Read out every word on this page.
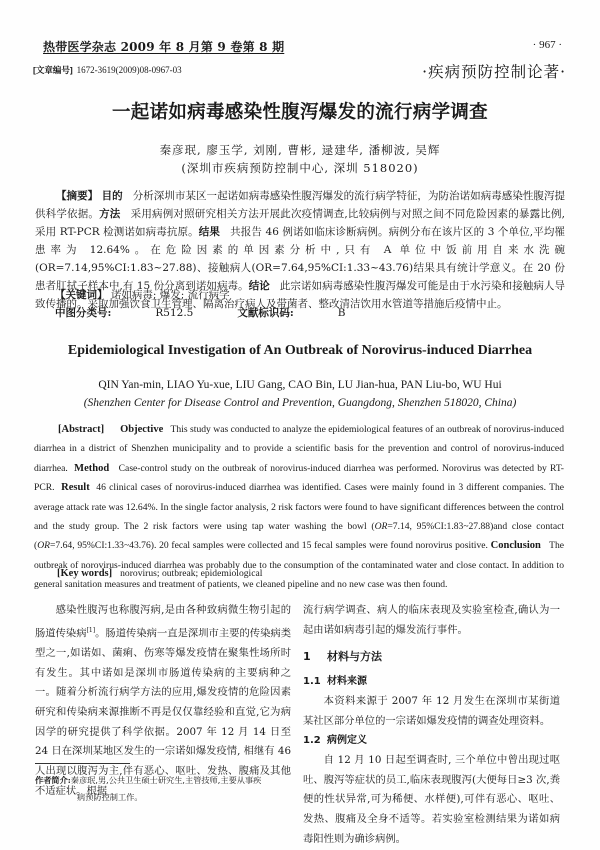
热带医学杂志 2009 年 8 月第 9 卷第 8 期	· 967 ·
[文章编号] 1672-3619(2009)08-0967-03	·疾病预防控制论著·
一起诺如病毒感染性腹泻爆发的流行病学调查
秦彦珉, 廖玉学, 刘刚, 曹彬, 逯建华, 潘柳波, 吴辉
(深圳市疾病预防控制中心, 深圳 518020)

【摘要】 目的 分析深圳市某区一起诺如病毒感染性腹泻爆发的流行病学特征，为防治诺如病毒感染性腹泻提供科学依据。方法 采用病例对照研究相关方法开展此次疫情调查,比较病例与对照之间不同危险因素的暴露比例,采用 RT-PCR 检测诺如病毒抗原。结果 共报告 46 例诺如临床诊断病例。病例分布在该片区的 3 个单位,平均罹患率为 12.64%。在危险因素的单因素分析中,只有 A 单位中饭前用自来水洗碗(OR=7.14,95%CI:1.83~27.88)、接触病人(OR=7.64,95%CI:1.33~43.76)结果具有统计学意义。在 20 份患者肛拭子样本中,有 15 份分离到诺如病毒。结论 此宗诺如病毒感染性腹泻爆发可能是由于水污染和接触病人导致传播的。采取加强饮食卫生管理、隔离治疗病人及带菌者、整改清洁饮用水管道等措施后疫情中止。

【关键词】 诺如病毒; 爆发; 流行病学
中图分类号:	R512.5	文献标识码:	B
Epidemiological Investigation of An Outbreak of Norovirus-induced Diarrhea
QIN Yan-min, LIAO Yu-xue, LIU Gang, CAO Bin, LU Jian-hua, PAN Liu-bo, WU Hui
(Shenzhen Center for Disease Control and Prevention, Guangdong, Shenzhen 518020, China)

[Abstract] Objective This study was conducted to analyze the epidemiological features of an outbreak of norovirus-induced diarrhea in a district of Shenzhen municipality and to provide a scientific basis for the prevention and control of norovirus-induced diarrhea. Method Case-control study on the outbreak of norovirus-induced diarrhea was performed. Norovirus was detected by RT-PCR. Result 46 clinical cases of norovirus-induced diarrhea was identified. Cases were mainly found in 3 different companies. The average attack rate was 12.64%. In the single factor analysis, 2 risk factors were found to have significant differences between the control and the study group. The 2 risk factors were using tap water washing the bowl (OR=7.14, 95%CI:1.83~27.88)and close contact (OR=7.64, 95%CI:1.33~43.76). 20 fecal samples were collected and 15 fecal samples were found norovirus positive. Conclusion The outbreak of norovirus-induced diarrhea was probably due to the consumption of the contaminated water and close contact. In addition to general sanitation measures and treatment of patients, we cleaned pipeline and no new case was then found.

[Key words] norovirus; outbreak; epidemiological

感染性腹泻也称腹泻病,是由各种致病微生物引起的肠道传染病[1]。肠道传染病一直是深圳市主要的传染病类型之一,如诺如、菌痢、伤寒等爆发疫情在聚集性场所时有发生。其中诺如是深圳市肠道传染病的主要病种之一。随着分析流行病学方法的应用,爆发疫情的危险因素研究和传染病来源推断不再是仅仅靠经验和直觉,它为病因学的研究提供了科学依据。2007 年 12 月 14 日至 24 日在深圳某地区发生的一宗诺如爆发疫情, 相继有 46 人出现以腹泻为主,伴有恶心、呕吐、发热、腹痛及其他不适症状。根据

作者简介:秦彦珉,男,公共卫生硕士研究生,主管技师,主要从事疾
病预防控制工作。

流行病学调查、病人的临床表现及实验室检查,确认为一起由诺如病毒引起的爆发流行事件。

1 材料与方法
1.1 材料来源

本资料来源于 2007 年 12 月发生在深圳市某街道某社区部分单位的一宗诺如爆发疫情的调查处理资料。

1.2 病例定义

自 12 月 10 日起至调查时, 三个单位中曾出现过呕吐、腹泻等症状的员工,临床表现腹泻(大便每日≥3 次,粪便的性状异常,可为稀便、水样便),可伴有恶心、呕吐、发热、腹痛及全身不适等。若实验室检测结果为诺如病毒阳性则为确诊病例。
